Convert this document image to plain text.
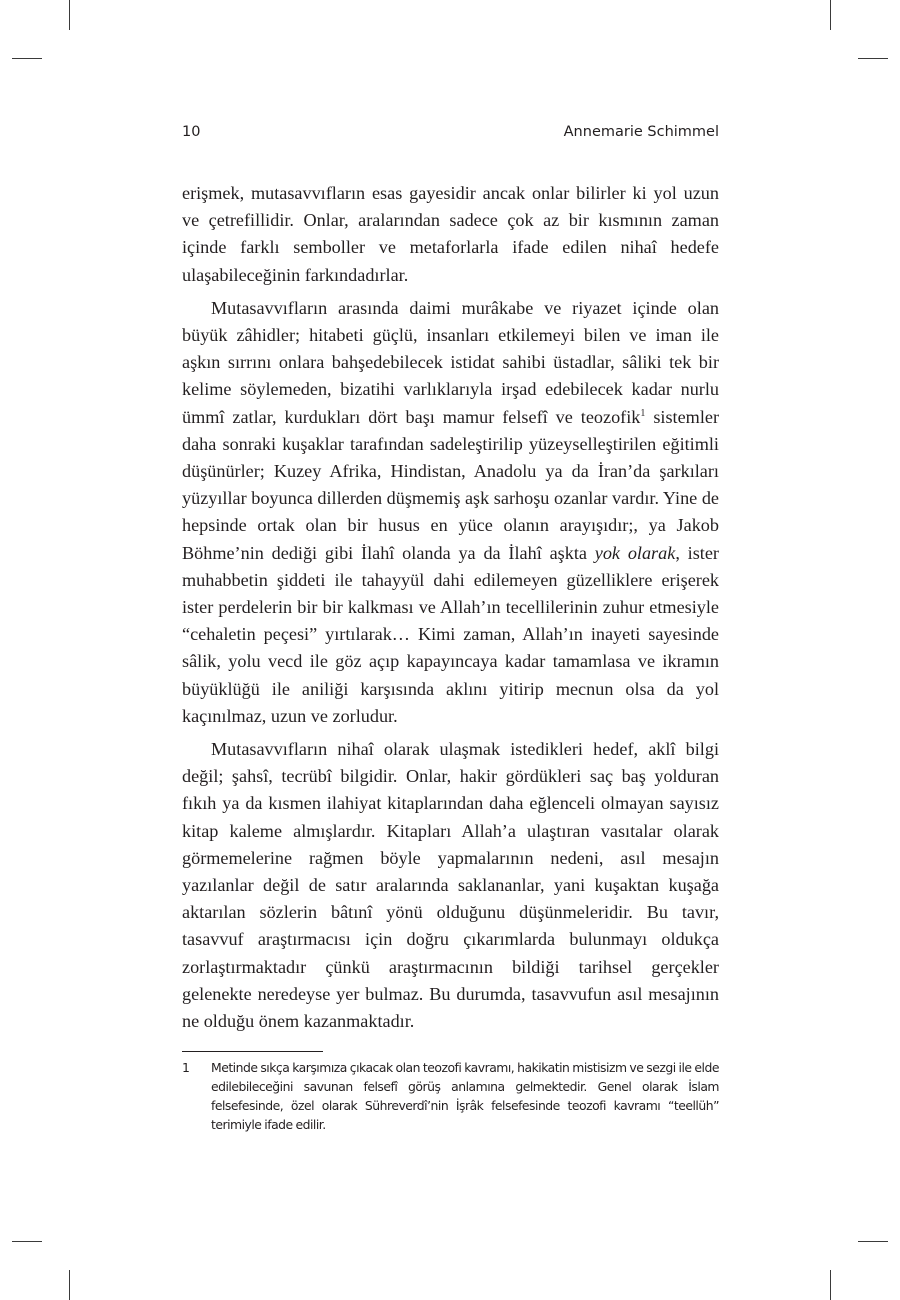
10	Annemarie Schimmel

erişmek, mutasavvıfların esas gayesidir ancak onlar bilirler ki yol uzun ve çetrefillidir. Onlar, aralarından sadece çok az bir kısmının zaman içinde farklı semboller ve metaforlarla ifade edilen nihaî hedefe ulaşabileceğinin farkındadırlar.

Mutasavvıfların arasında daimi murâkabe ve riyazet içinde olan büyük zâhidler; hitabeti güçlü, insanları etkilemeyi bilen ve iman ile aşkın sırrını onlara bahşedebilecek istidat sahibi üstadlar, sâliki tek bir kelime söylemeden, bizatihi varlıklarıyla irşad edebilecek kadar nurlu ümmî zatlar, kurdukları dört başı mamur felsefî ve teozofik$^1$ sistemler daha sonraki kuşaklar tarafından sadeleştirilip yüzeyselleştirilen eğitimli düşünürler; Kuzey Afrika, Hindistan, Anadolu ya da İran’da şarkıları yüzyıllar boyunca dillerden düşmemiş aşk sarhoşu ozanlar vardır. Yine de hepsinde ortak olan bir husus en yüce olanın arayışıdır;, ya Jakob Böhme’nin dediği gibi İlahî olanda ya da İlahî aşkta yok olarak, ister muhabbetin şiddeti ile tahayyül dahi edilemeyen güzelliklere erişerek ister perdelerin bir bir kalkması ve Allah’ın tecellilerinin zuhur etmesiyle “cehaletin peçesi” yırtılarak… Kimi zaman, Allah’ın inayeti sayesinde sâlik, yolu vecd ile göz açıp kapayıncaya kadar tamamlasa ve ikramın büyüklüğü ile aniliği karşısında aklını yitirip mecnun olsa da yol kaçınılmaz, uzun ve zorludur.

Mutasavvıfların nihaî olarak ulaşmak istedikleri hedef, aklî bilgi değil; şahsî, tecrübî bilgidir. Onlar, hakir gördükleri saç baş yolduran fıkıh ya da kısmen ilahiyat kitaplarından daha eğlenceli olmayan sayısız kitap kaleme almışlardır. Kitapları Allah’a ulaştıran vasıtalar olarak görmemelerine rağmen böyle yapmalarının nedeni, asıl mesajın yazılanlar değil de satır aralarında saklananlar, yani kuşaktan kuşağa aktarılan sözlerin bâtınî yönü olduğunu düşünmeleridir. Bu tavır, tasavvuf araştırmacısı için doğru çıkarımlarda bulunmayı oldukça zorlaştırmaktadır çünkü araştırmacının bildiği tarihsel gerçekler gelenekte neredeyse yer bulmaz. Bu durumda, tasavvufun asıl mesajının ne olduğu önem kazanmaktadır.

1 Metinde sıkça karşımıza çıkacak olan teozofi kavramı, hakikatin mistisizm ve sezgi ile elde edilebileceğini savunan felsefî görüş anlamına gelmektedir. Genel olarak İslam felsefesinde, özel olarak Sühreverdî’nin İşrâk felsefesinde teozofi kavramı “teellüh” terimiyle ifade edilir.
